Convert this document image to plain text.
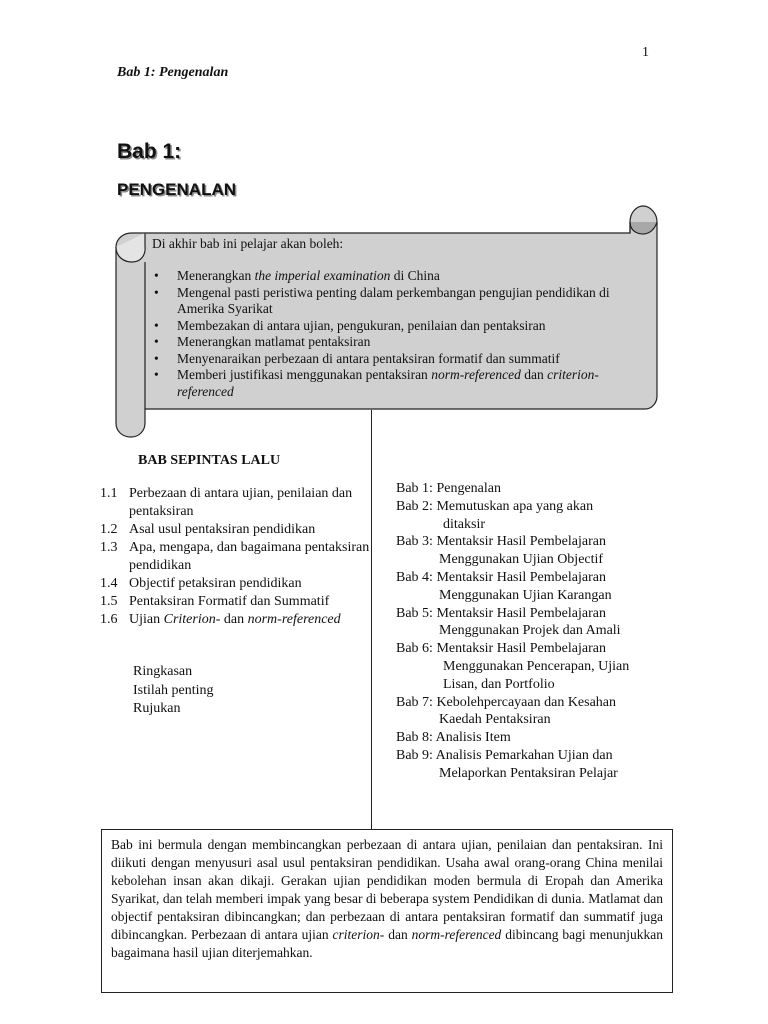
1
Bab 1: Pengenalan
Bab 1:
PENGENALAN
Di akhir bab ini pelajar akan boleh:
• Menerangkan the imperial examination di China
• Mengenal pasti peristiwa penting dalam perkembangan pengujian pendidikan di Amerika Syarikat
• Membezakan di antara ujian, pengukuran, penilaian dan pentaksiran
• Menerangkan matlamat pentaksiran
• Menyenaraikan perbezaan di antara pentaksiran formatif dan summatif
• Memberi justifikasi menggunakan pentaksiran norm-referenced dan criterion-referenced
BAB SEPINTAS LALU
1.1 Perbezaan di antara ujian, penilaian dan pentaksiran
1.2 Asal usul pentaksiran pendidikan
1.3 Apa, mengapa, dan bagaimana pentaksiran pendidikan
1.4 Objectif petaksiran pendidikan
1.5 Pentaksiran Formatif dan Summatif
1.6 Ujian Criterion- dan norm-referenced
Ringkasan
Istilah penting
Rujukan
Bab 1: Pengenalan
Bab 2: Memutuskan apa yang akan
ditaksir
Bab 3: Mentaksir Hasil Pembelajaran
Menggunakan Ujian Objectif
Bab 4: Mentaksir Hasil Pembelajaran
Menggunakan Ujian Karangan
Bab 5: Mentaksir Hasil Pembelajaran
Menggunakan Projek dan Amali
Bab 6: Mentaksir Hasil Pembelajaran
Menggunakan Pencerapan, Ujian
Lisan, dan Portfolio
Bab 7: Kebolehpercayaan dan Kesahan
Kaedah Pentaksiran
Bab 8: Analisis Item
Bab 9: Analisis Pemarkahan Ujian dan
Melaporkan Pentaksiran Pelajar
Bab ini bermula dengan membincangkan perbezaan di antara ujian, penilaian dan pentaksiran. Ini diikuti dengan menyusuri asal usul pentaksiran pendidikan. Usaha awal orang-orang China menilai kebolehan insan akan dikaji. Gerakan ujian pendidikan moden bermula di Eropah dan Amerika Syarikat, dan telah memberi impak yang besar di beberapa system Pendidikan di dunia. Matlamat dan objectif pentaksiran dibincangkan; dan perbezaan di antara pentaksiran formatif dan summatif juga dibincangkan. Perbezaan di antara ujian criterion- dan norm-referenced dibincang bagi menunjukkan bagaimana hasil ujian diterjemahkan.
